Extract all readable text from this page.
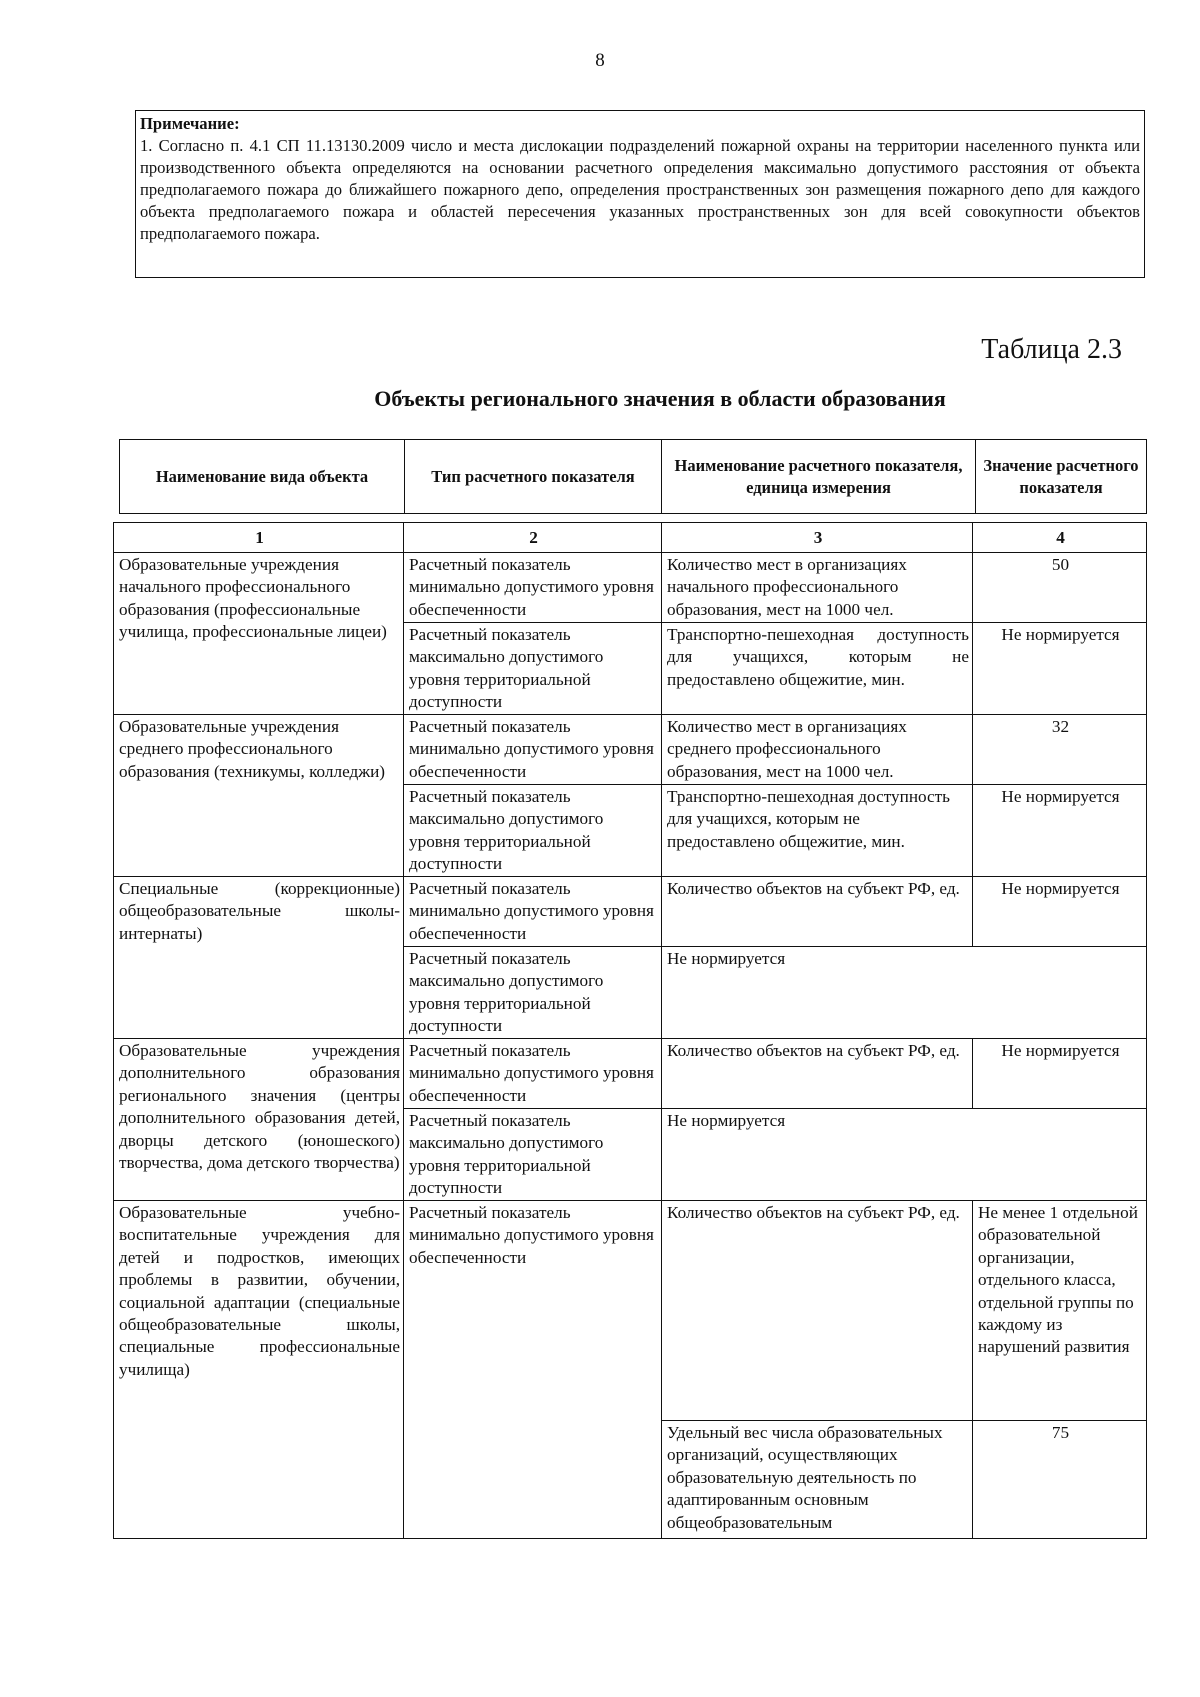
8
Примечание:
1. Согласно п. 4.1 СП 11.13130.2009 число и места дислокации подразделений пожарной охраны на территории населенного пункта или производственного объекта определяются на основании расчетного определения максимально допустимого расстояния от объекта предполагаемого пожара до ближайшего пожарного депо, определения пространственных зон размещения пожарного депо для каждого объекта предполагаемого пожара и областей пересечения указанных пространственных зон для всей совокупности объектов предполагаемого пожара.
Таблица 2.3
Объекты регионального значения в области образования
Наименование вида объекта	Тип расчетного показателя	Наименование расчетного показателя, единица измерения	Значение расчетного показателя
1	2	3	4
Образовательные учреждения начального профессионального образования (профессиональные училища, профессиональные лицеи)	Расчетный показатель минимально допустимого уровня обеспеченности	Количество мест в организациях начального профессионального образования, мест на 1000 чел.	50
	Расчетный показатель максимально допустимого уровня территориальной доступности	Транспортно-пешеходная доступность для учащихся, которым не предоставлено общежитие, мин.	Не нормируется
Образовательные учреждения среднего профессионального образования (техникумы, колледжи)	Расчетный показатель минимально допустимого уровня обеспеченности	Количество мест в организациях среднего профессионального образования, мест на 1000 чел.	32
	Расчетный показатель максимально допустимого уровня территориальной доступности	Транспортно-пешеходная доступность для учащихся, которым не предоставлено общежитие, мин.	Не нормируется
Специальные (коррекционные) общеобразовательные школы-интернаты)	Расчетный показатель минимально допустимого уровня обеспеченности	Количество объектов на субъект РФ, ед.	Не нормируется
	Расчетный показатель максимально допустимого уровня территориальной доступности	Не нормируется	
Образовательные учреждения дополнительного образования регионального значения (центры дополнительного образования детей, дворцы детского (юношеского) творчества, дома детского творчества)	Расчетный показатель минимально допустимого уровня обеспеченности	Количество объектов на субъект РФ, ед.	Не нормируется
	Расчетный показатель максимально допустимого уровня территориальной доступности	Не нормируется	
Образовательные учебно-воспитательные учреждения для детей и подростков, имеющих проблемы в развитии, обучении, социальной адаптации (специальные общеобразовательные школы, специальные профессиональные училища)	Расчетный показатель минимально допустимого уровня обеспеченности	Количество объектов на субъект РФ, ед.	Не менее 1 отдельной образовательной организации, отдельного класса, отдельной группы по каждому из нарушений развития
		Удельный вес числа образовательных организаций, осуществляющих образовательную деятельность по адаптированным основным общеобразовательным	75
